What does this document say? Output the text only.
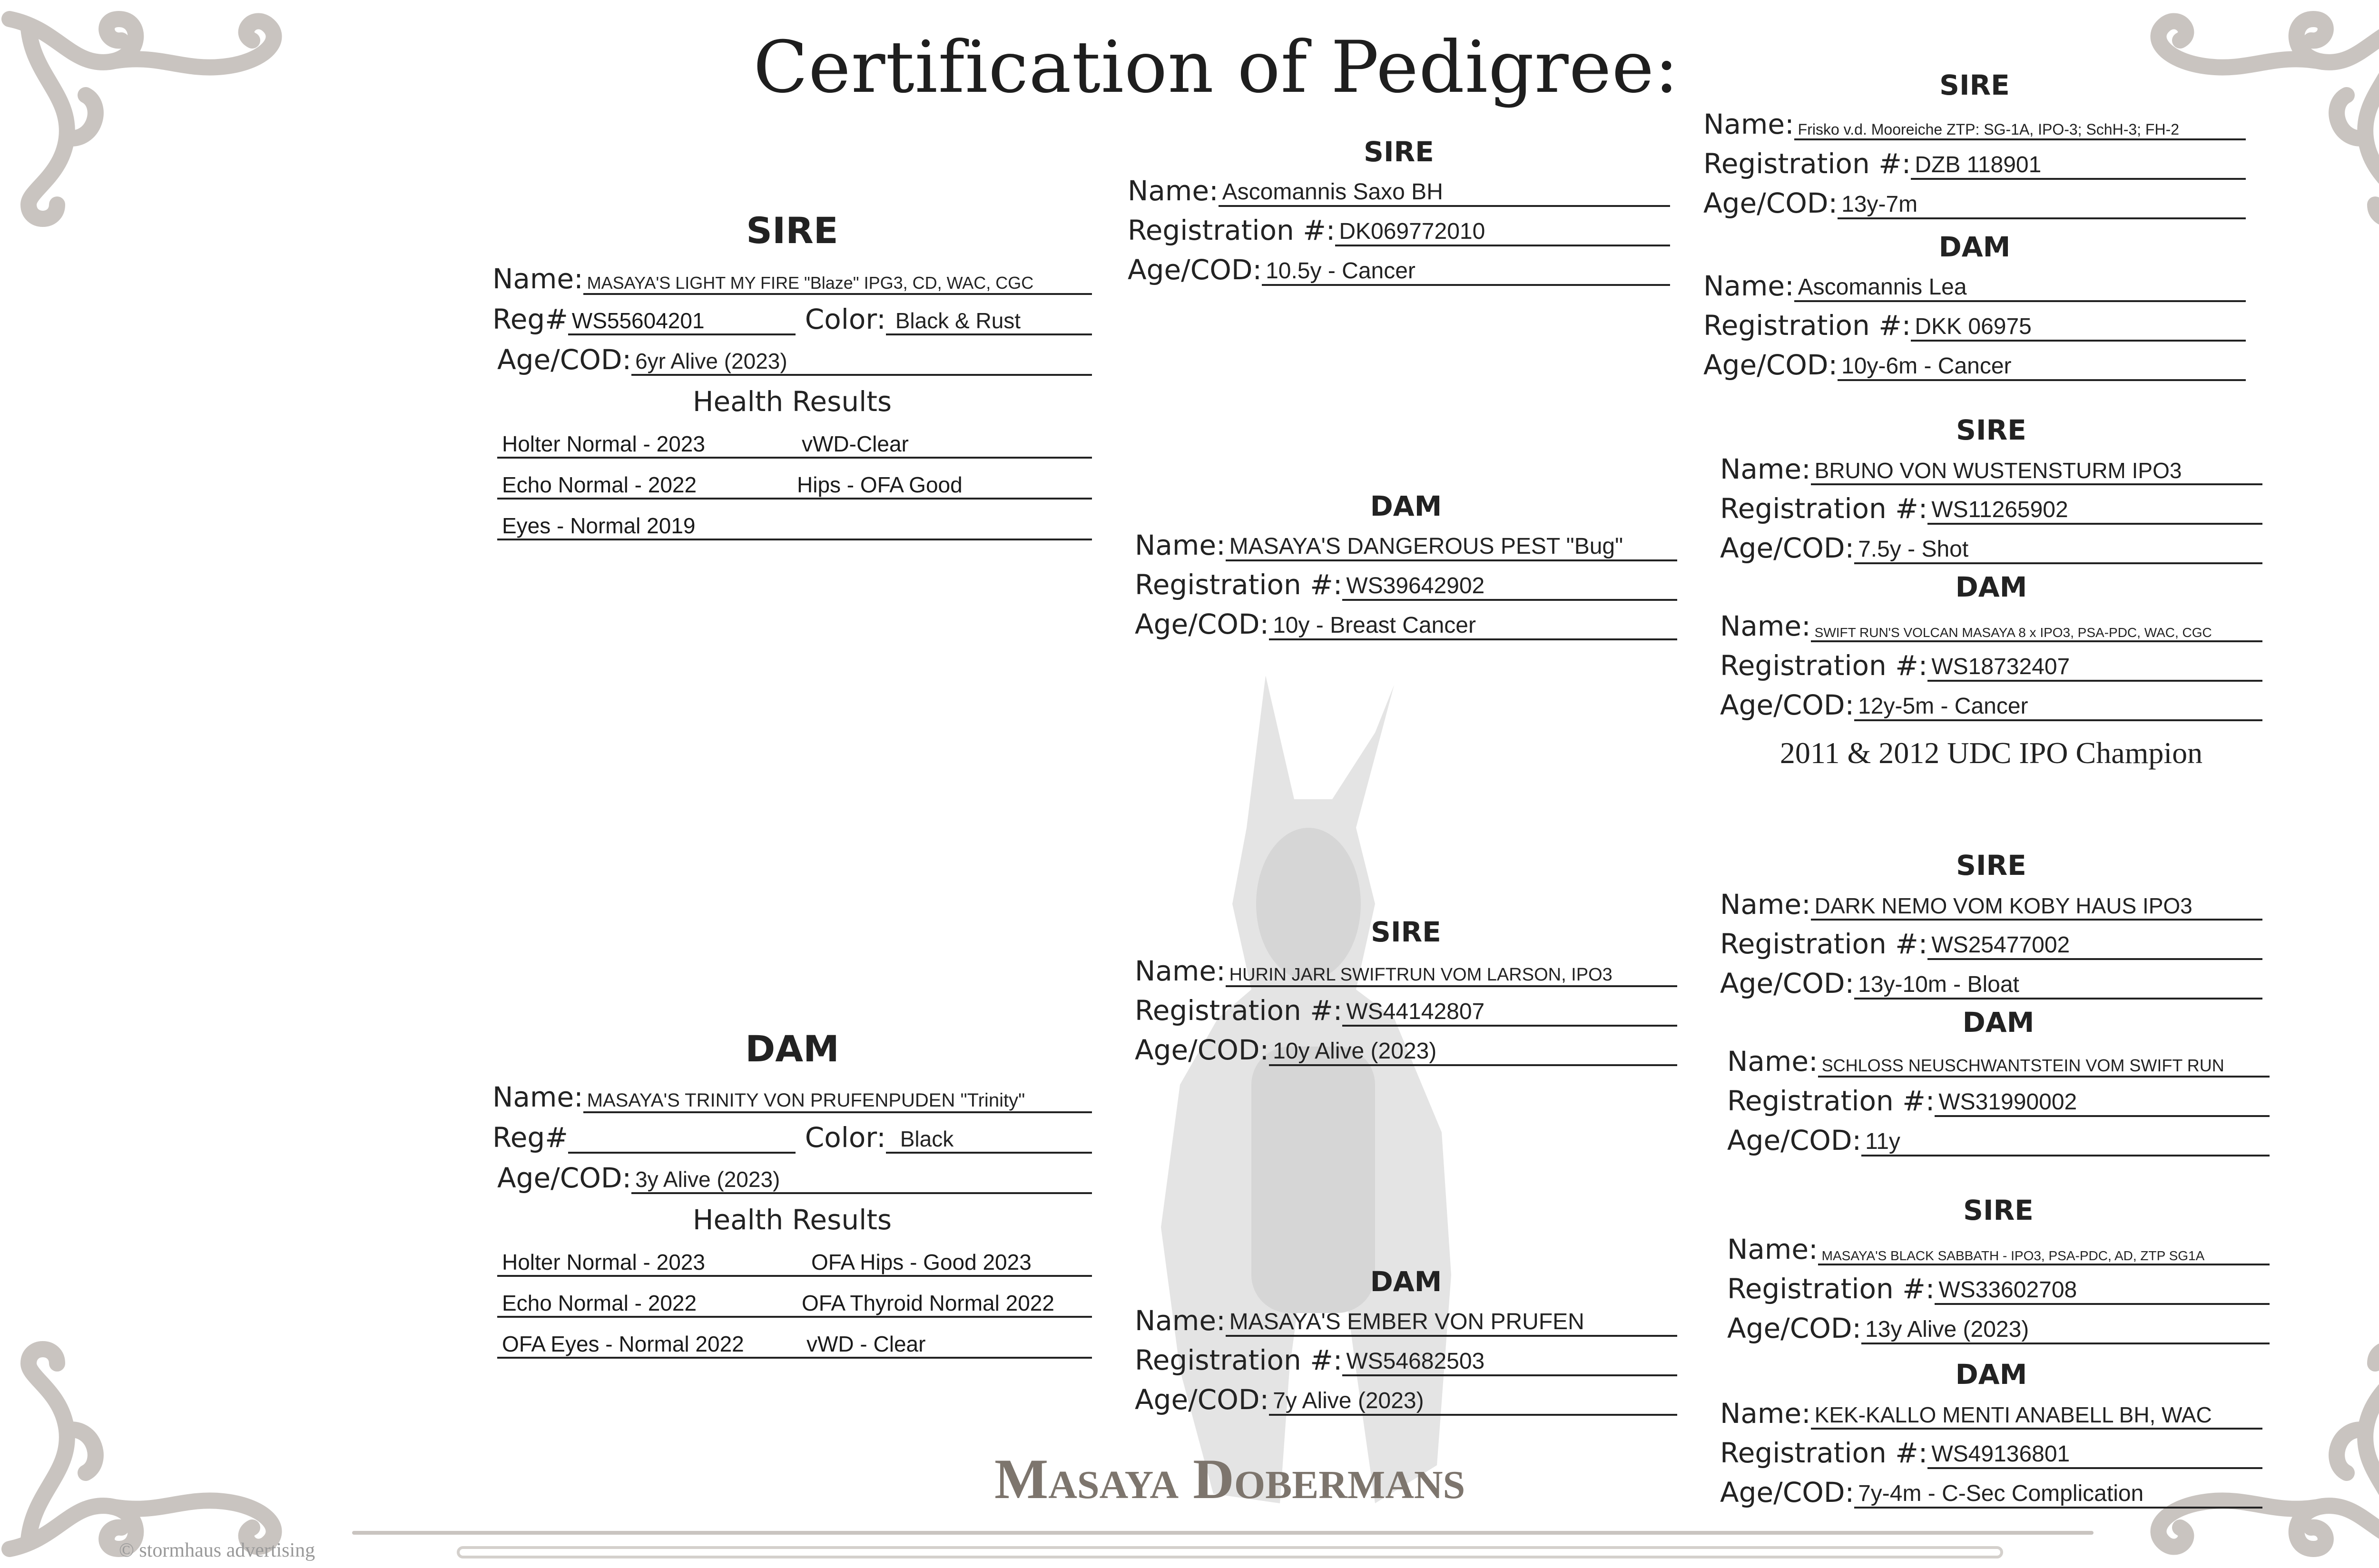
Certification of Pedigree:
SIRE
Name: MASAYA'S LIGHT MY FIRE "Blaze" IPG3, CD, WAC, CGC
Reg# WS55604201	Color: Black & Rust
Age/COD: 6yr Alive (2023)
Health Results
Holter Normal - 2023	vWD-Clear
Echo Normal - 2022	Hips - OFA Good
Eyes - Normal 2019
DAM
Name: MASAYA'S TRINITY VON PRUFENPUDEN "Trinity"
Reg#	Color: Black
Age/COD: 3y Alive (2023)
Health Results
Holter Normal - 2023	OFA Hips - Good 2023
Echo Normal - 2022	OFA Thyroid Normal 2022
OFA Eyes - Normal 2022	vWD - Clear
SIRE
Name: Ascomannis Saxo BH
Registration #: DK069772010
Age/COD: 10.5y - Cancer
DAM
Name: MASAYA'S DANGEROUS PEST "Bug"
Registration #: WS39642902
Age/COD: 10y - Breast Cancer
SIRE
Name: HURIN JARL SWIFTRUN VOM LARSON, IPO3
Registration #: WS44142807
Age/COD: 10y Alive (2023)
DAM
Name: MASAYA'S EMBER VON PRUFEN
Registration #: WS54682503
Age/COD: 7y Alive (2023)
SIRE
Name: Frisko v.d. Mooreiche ZTP: SG-1A, IPO-3; SchH-3; FH-2
Registration #: DZB 118901
Age/COD: 13y-7m
DAM
Name: Ascomannis Lea
Registration #: DKK 06975
Age/COD: 10y-6m - Cancer
SIRE
Name: BRUNO VON WUSTENSTURM IPO3
Registration #: WS11265902
Age/COD: 7.5y - Shot
DAM
Name: SWIFT RUN'S VOLCAN MASAYA 8 x IPO3, PSA-PDC, WAC, CGC
Registration #: WS18732407
Age/COD: 12y-5m - Cancer
2011 & 2012 UDC IPO Champion
SIRE
Name: DARK NEMO VOM KOBY HAUS IPO3
Registration #: WS25477002
Age/COD: 13y-10m - Bloat
DAM
Name: SCHLOSS NEUSCHWANTSTEIN VOM SWIFT RUN
Registration #: WS31990002
Age/COD: 11y
SIRE
Name: MASAYA'S BLACK SABBATH - IPO3, PSA-PDC, AD, ZTP SG1A
Registration #: WS33602708
Age/COD: 13y Alive (2023)
DAM
Name: KEK-KALLO MENTI ANABELL BH, WAC
Registration #: WS49136801
Age/COD: 7y-4m - C-Sec Complication
Masaya Dobermans
© stormhaus advertising
